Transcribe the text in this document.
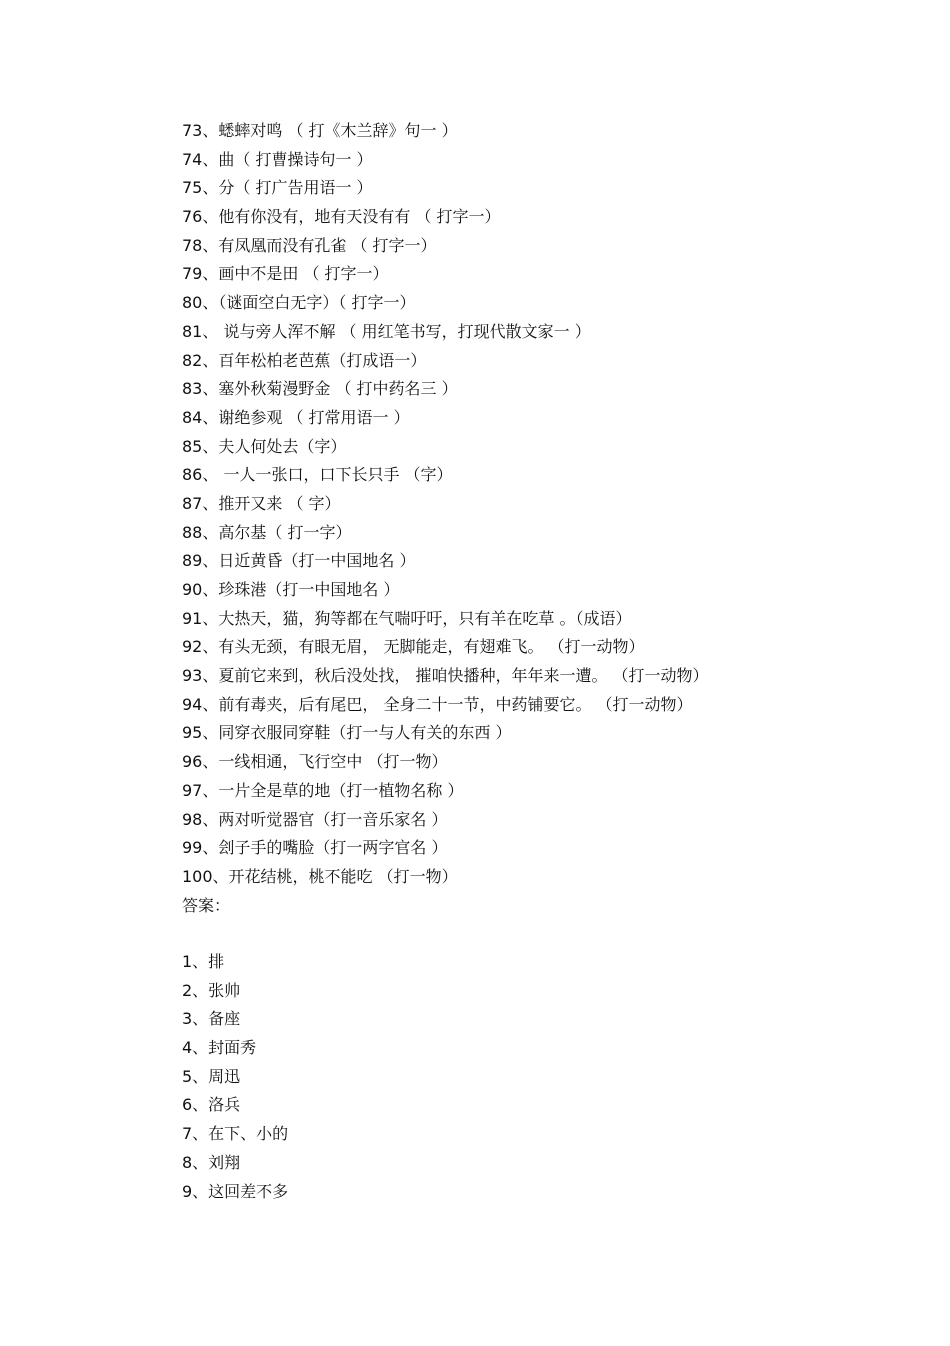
73、蟋蟀对鸣 （ 打《木兰辞》句一 ）
74、曲（ 打曹操诗句一 ）
75、分（ 打广告用语一 ）
76、他有你没有，地有天没有有 （ 打字一）
78、有凤凰而没有孔雀 （ 打字一）
79、画中不是田 （ 打字一）
80、（谜面空白无字）（ 打字一）
81、 说与旁人浑不解 （ 用红笔书写，打现代散文家一 ）
82、百年松柏老芭蕉（打成语一）
83、塞外秋菊漫野金 （ 打中药名三 ）
84、谢绝参观 （ 打常用语一 ）
85、夫人何处去（字）
86、 一人一张口，口下长只手 （字）
87、推开又来 （ 字）
88、高尔基（ 打一字）
89、日近黄昏（打一中国地名 ）
90、珍珠港（打一中国地名 ）
91、大热天，猫，狗等都在气喘吁吁，只有羊在吃草 。（成语）
92、有头无颈，有眼无眉， 无脚能走，有翅难飞。 （打一动物）
93、夏前它来到，秋后没处找， 摧咱快播种，年年来一遭。 （打一动物）
94、前有毒夹，后有尾巴， 全身二十一节，中药铺要它。 （打一动物）
95、同穿衣服同穿鞋（打一与人有关的东西 ）
96、一线相通，飞行空中 （打一物）
97、一片全是草的地（打一植物名称 ）
98、两对听觉器官（打一音乐家名 ）
99、刽子手的嘴脸（打一两字官名 ）
100、开花结桃，桃不能吃 （打一物）
答案：
1、排
2、张帅
3、备座
4、封面秀
5、周迅
6、洛兵
7、在下、小的
8、刘翔
9、这回差不多
